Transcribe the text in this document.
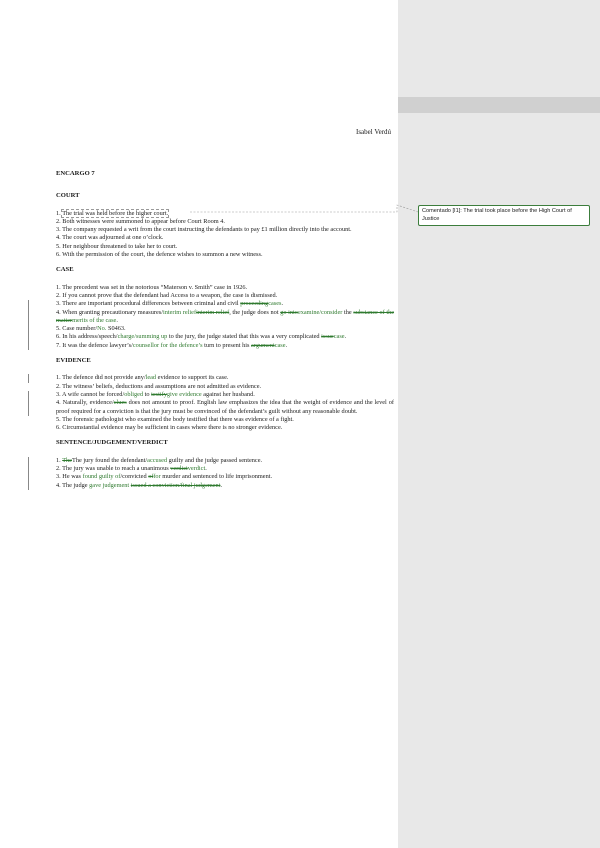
Isabel Verdú
ENCARGO 7
COURT

1. The trial was held before the higher court.

2. Both witnesses were summoned to appear before Court Room 4.

3. The company requested a writ from the court instructing the defendants to pay £1 million directly into the account.

4. The court was adjourned at one o’clock.

5. Her neighbour threatened to take her to court.

6. With the permission of the court, the defence wishes to summon a new witness.

CASE

1. The precedent was set in the notorious “Materson v. Smith” case in 1926.

2. If you cannot prove that the defendant had Access to a weapon, the case is dismissed.

3. There are important procedural differences between criminal and civil proceedingcases.

4. When granting precautionary measures/interim reliefinterim relief, the judge does not go intoexamine/consider the substance of the mattermerits of the case.

5. Case number/No. S0463.

6. In his address/speech/charge/summing up to the jury, the judge stated that this was a very complicated issuecase.

7. It was the defence lawyer’s/counsellor for the defence’s turn to present his argumentcase.

EVIDENCE

1. The defence did not provide any/lead evidence to support its case.

2. The witness’ beliefs, deductions and assumptions are not admitted as evidence.

3. A wife cannot be forced/obliged to testifygive evidence against her husband.

4. Naturally, evidence/clues does not amount to proof. English law emphasizes the idea that the weight of evidence and the level of proof required for a conviction is that the jury must be convinced of the defendant’s guilt without any reasonable doubt.

5. The forensic pathologist who examined the body testified that there was evidence of a fight.

6. Circumstantial evidence may be sufficient in cases where there is no stronger evidence.

SENTENCE/JUDGEMENT/VERDICT

1. TheThe jury found the defendant/accused guilty and the judge passed sentence.

2. The jury was unable to reach a unanimous verdictverdict.

3. He was found guilty of/convicted offor murder and sentenced to life imprisonment.

4. The judge gave judgement issued a conviction/final judgement.

Comentado [I1]: The trial took place before the High Court of Justice
